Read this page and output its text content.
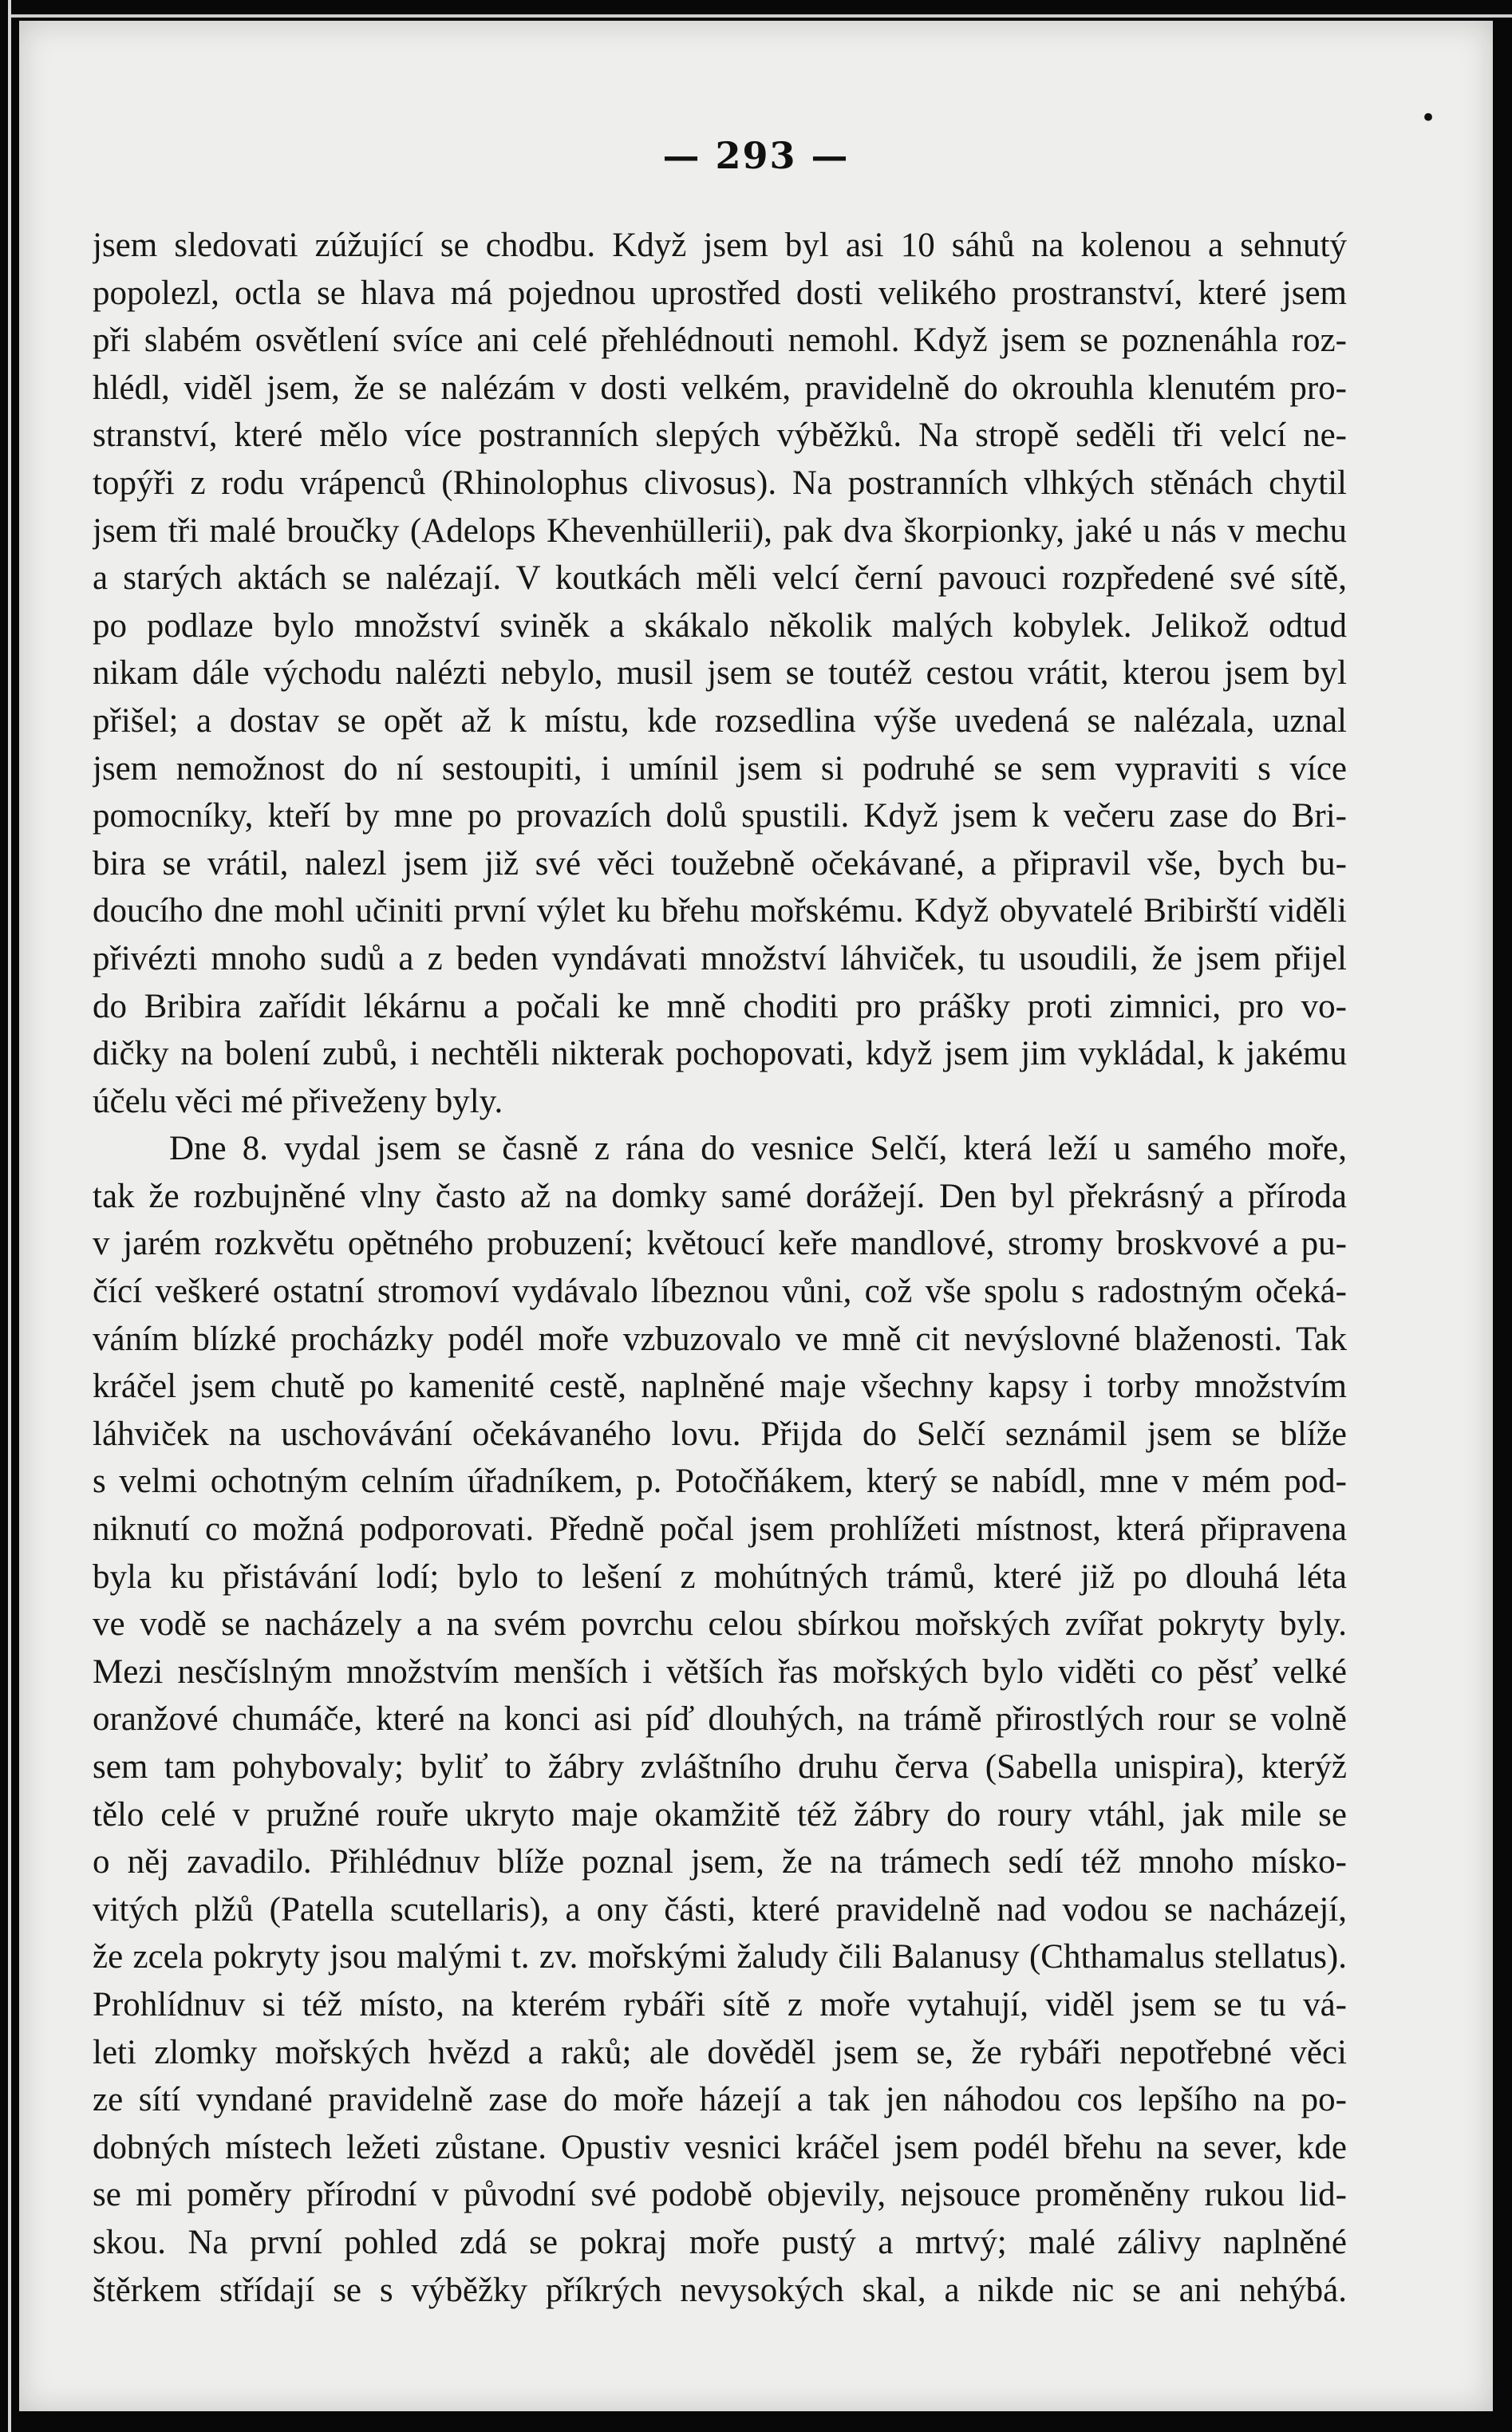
•
— 293 —
jsem sledovati zúžující se chodbu. Když jsem byl asi 10 sáhů na kolenou a sehnutý
popolezl, octla se hlava má pojednou uprostřed dosti velikého prostranství, které jsem
při slabém osvětlení svíce ani celé přehlédnouti nemohl. Když jsem se poznenáhla roz-
hlédl, viděl jsem, že se nalézám v dosti velkém, pravidelně do okrouhla klenutém pro-
stranství, které mělo více postranních slepých výběžků. Na stropě seděli tři velcí ne-
topýři z rodu vrápenců (Rhinolophus clivosus). Na postranních vlhkých stěnách chytil
jsem tři malé broučky (Adelops Khevenhüllerii), pak dva škorpionky, jaké u nás v mechu
a starých aktách se nalézají. V koutkách měli velcí černí pavouci rozpředené své sítě,
po podlaze bylo množství sviněk a skákalo několik malých kobylek. Jelikož odtud
nikam dále východu nalézti nebylo, musil jsem se toutéž cestou vrátit, kterou jsem byl
přišel; a dostav se opět až k místu, kde rozsedlina výše uvedená se nalézala, uznal
jsem nemožnost do ní sestoupiti, i umínil jsem si podruhé se sem vypraviti s více
pomocníky, kteří by mne po provazích dolů spustili. Když jsem k večeru zase do Bri-
bira se vrátil, nalezl jsem již své věci toužebně očekávané, a připravil vše, bych bu-
doucího dne mohl učiniti první výlet ku břehu mořskému. Když obyvatelé Bribirští viděli
přivézti mnoho sudů a z beden vyndávati množství láhviček, tu usoudili, že jsem přijel
do Bribira zařídit lékárnu a počali ke mně choditi pro prášky proti zimnici, pro vo-
dičky na bolení zubů, i nechtěli nikterak pochopovati, když jsem jim vykládal, k jakému
účelu věci mé přiveženy byly.
Dne 8. vydal jsem se časně z rána do vesnice Selčí, která leží u samého moře,
tak že rozbujněné vlny často až na domky samé dorážejí. Den byl překrásný a příroda
v jarém rozkvětu opětného probuzení; květoucí keře mandlové, stromy broskvové a pu-
čící veškeré ostatní stromoví vydávalo líbeznou vůni, což vše spolu s radostným očeká-
váním blízké procházky podél moře vzbuzovalo ve mně cit nevýslovné blaženosti. Tak
kráčel jsem chutě po kamenité cestě, naplněné maje všechny kapsy i torby množstvím
láhviček na uschovávání očekávaného lovu. Přijda do Selčí seznámil jsem se blíže
s velmi ochotným celním úřadníkem, p. Potočňákem, který se nabídl, mne v mém pod-
niknutí co možná podporovati. Předně počal jsem prohlížeti místnost, která připravena
byla ku přistávání lodí; bylo to lešení z mohútných trámů, které již po dlouhá léta
ve vodě se nacházely a na svém povrchu celou sbírkou mořských zvířat pokryty byly.
Mezi nesčíslným množstvím menších i větších řas mořských bylo viděti co pěsť velké
oranžové chumáče, které na konci asi píď dlouhých, na trámě přirostlých rour se volně
sem tam pohybovaly; byliť to žábry zvláštního druhu červa (Sabella unispira), kterýž
tělo celé v pružné rouře ukryto maje okamžitě též žábry do roury vtáhl, jak mile se
o něj zavadilo. Přihlédnuv blíže poznal jsem, že na trámech sedí též mnoho mísko-
vitých plžů (Patella scutellaris), a ony části, které pravidelně nad vodou se nacházejí,
že zcela pokryty jsou malými t. zv. mořskými žaludy čili Balanusy (Chthamalus stellatus).
Prohlídnuv si též místo, na kterém rybáři sítě z moře vytahují, viděl jsem se tu vá-
leti zlomky mořských hvězd a raků; ale dověděl jsem se, že rybáři nepotřebné věci
ze sítí vyndané pravidelně zase do moře házejí a tak jen náhodou cos lepšího na po-
dobných místech ležeti zůstane. Opustiv vesnici kráčel jsem podél břehu na sever, kde
se mi poměry přírodní v původní své podobě objevily, nejsouce proměněny rukou lid-
skou. Na první pohled zdá se pokraj moře pustý a mrtvý; malé zálivy naplněné
štěrkem střídají se s výběžky příkrých nevysokých skal, a nikde nic se ani nehýbá.
